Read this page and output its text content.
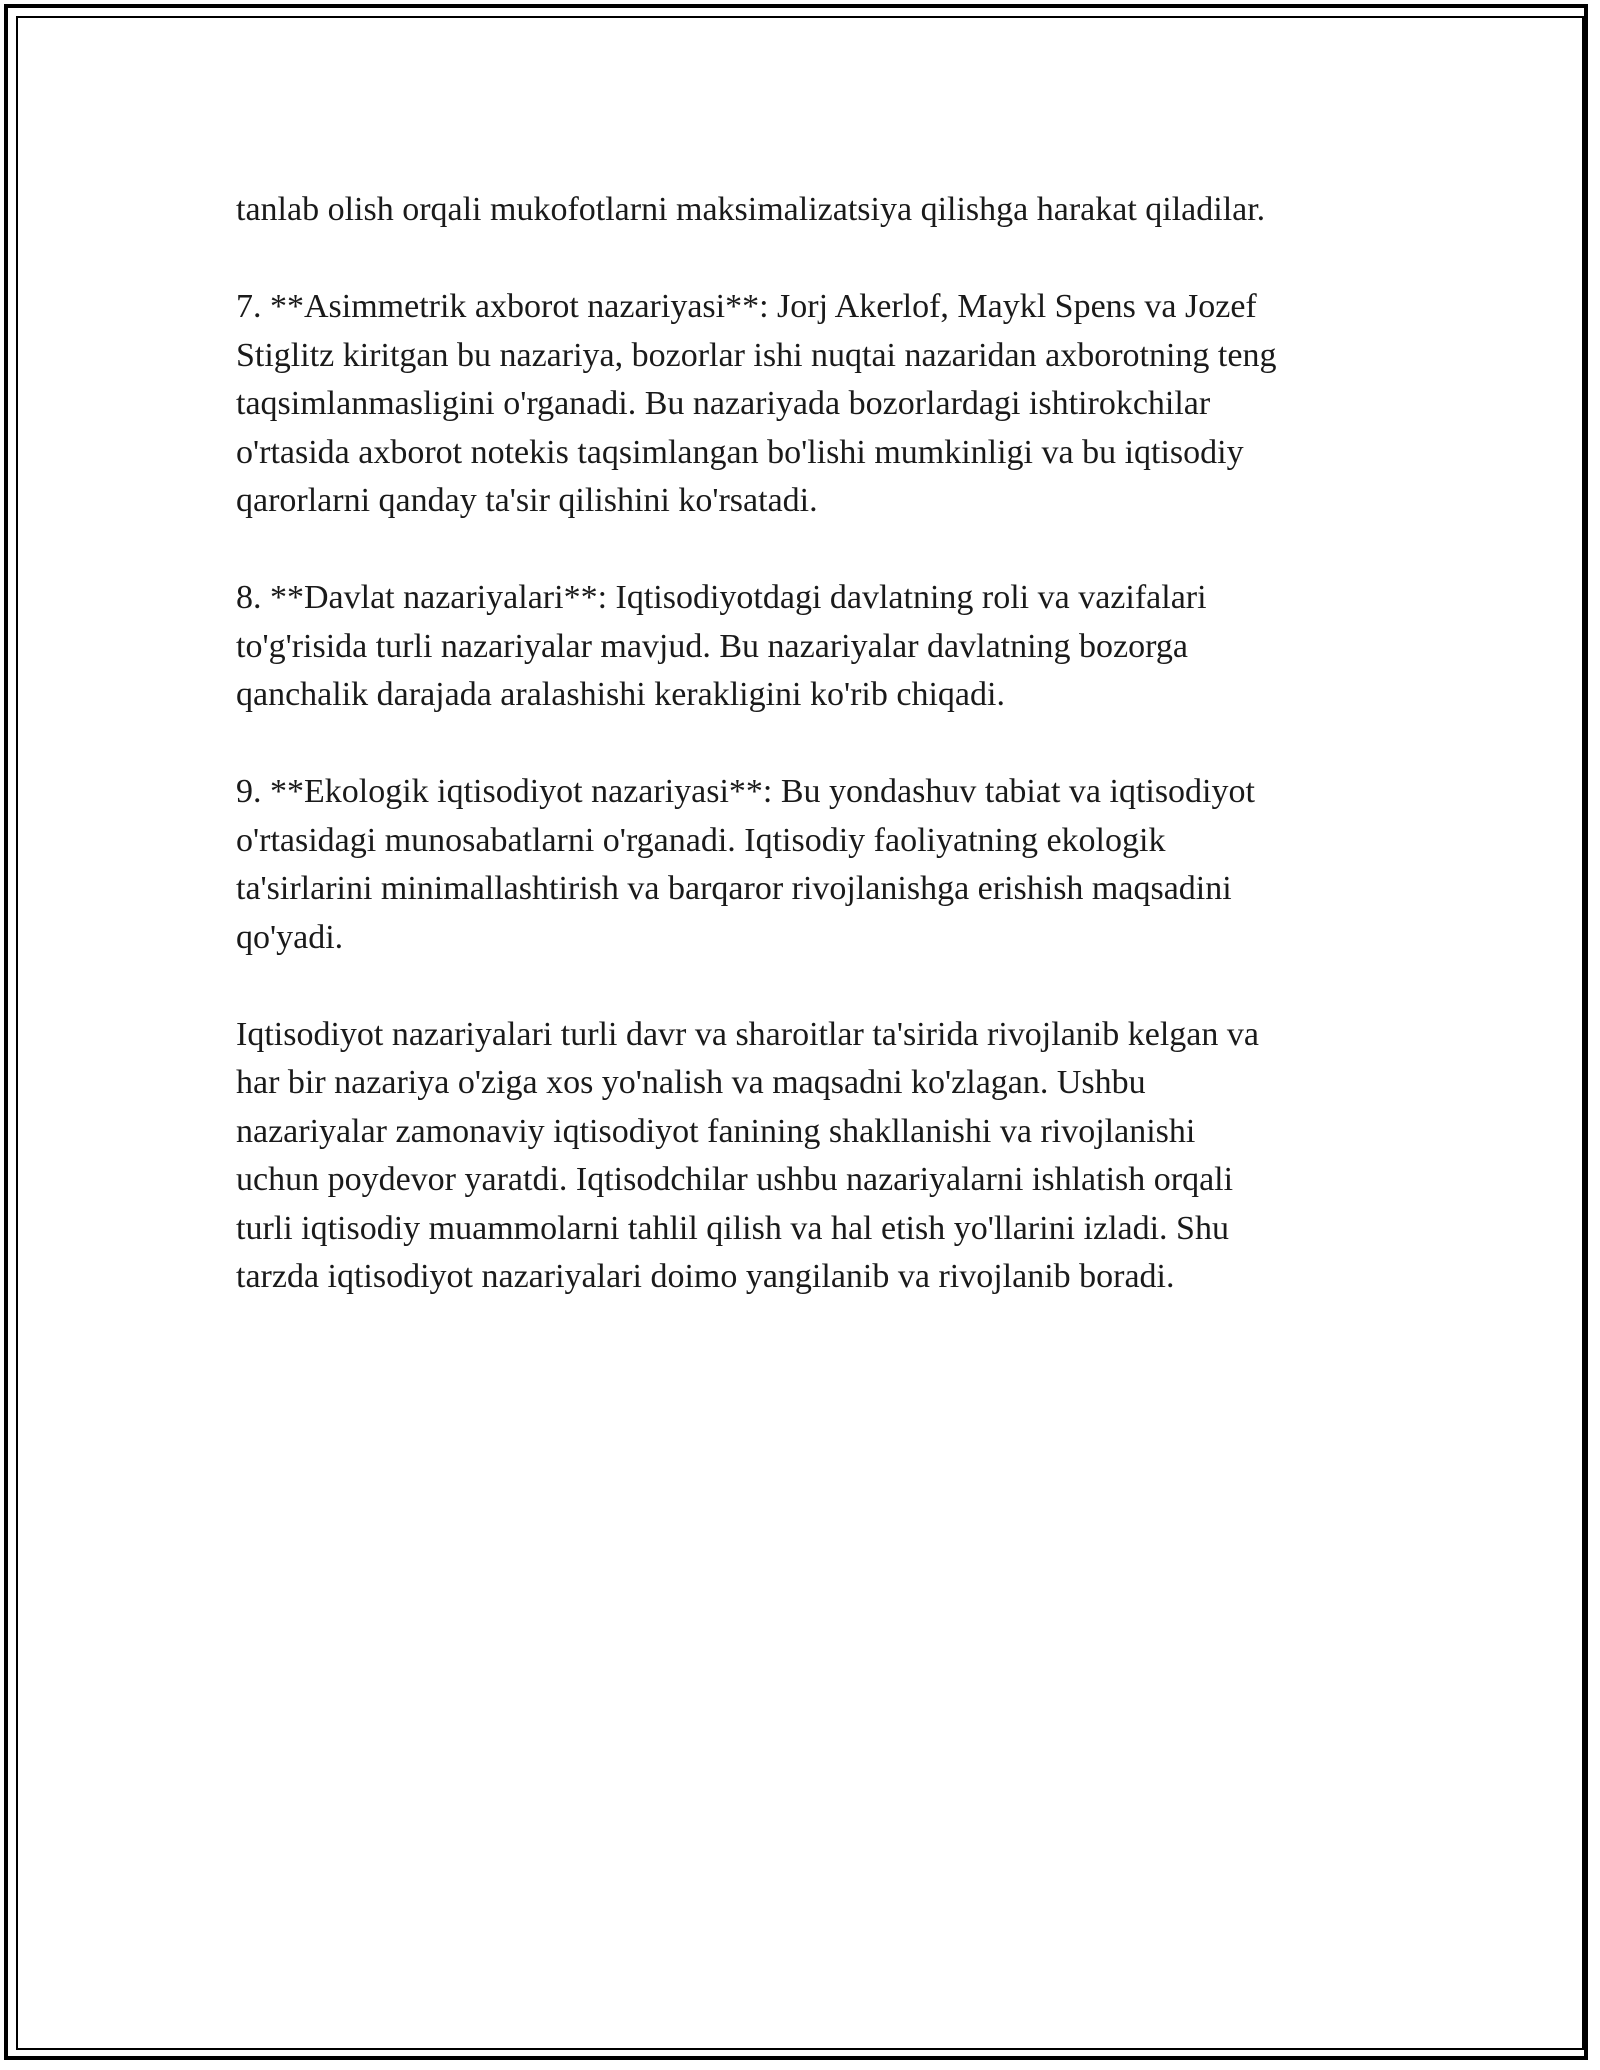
tanlab olish orqali mukofotlarni maksimalizatsiya qilishga harakat qiladilar.

7. **Asimmetrik axborot nazariyasi**: Jorj Akerlof, Maykl Spens va Jozef
Stiglitz kiritgan bu nazariya, bozorlar ishi nuqtai nazaridan axborotning teng
taqsimlanmasligini o'rganadi. Bu nazariyada bozorlardagi ishtirokchilar
o'rtasida axborot notekis taqsimlangan bo'lishi mumkinligi va bu iqtisodiy
qarorlarni qanday ta'sir qilishini ko'rsatadi.

8. **Davlat nazariyalari**: Iqtisodiyotdagi davlatning roli va vazifalari
to'g'risida turli nazariyalar mavjud. Bu nazariyalar davlatning bozorga
qanchalik darajada aralashishi kerakligini ko'rib chiqadi.

9. **Ekologik iqtisodiyot nazariyasi**: Bu yondashuv tabiat va iqtisodiyot
o'rtasidagi munosabatlarni o'rganadi. Iqtisodiy faoliyatning ekologik
ta'sirlarini minimallashtirish va barqaror rivojlanishga erishish maqsadini
qo'yadi.

Iqtisodiyot nazariyalari turli davr va sharoitlar ta'sirida rivojlanib kelgan va
har bir nazariya o'ziga xos yo'nalish va maqsadni ko'zlagan. Ushbu
nazariyalar zamonaviy iqtisodiyot fanining shakllanishi va rivojlanishi
uchun poydevor yaratdi. Iqtisodchilar ushbu nazariyalarni ishlatish orqali
turli iqtisodiy muammolarni tahlil qilish va hal etish yo'llarini izladi. Shu
tarzda iqtisodiyot nazariyalari doimo yangilanib va rivojlanib boradi.
